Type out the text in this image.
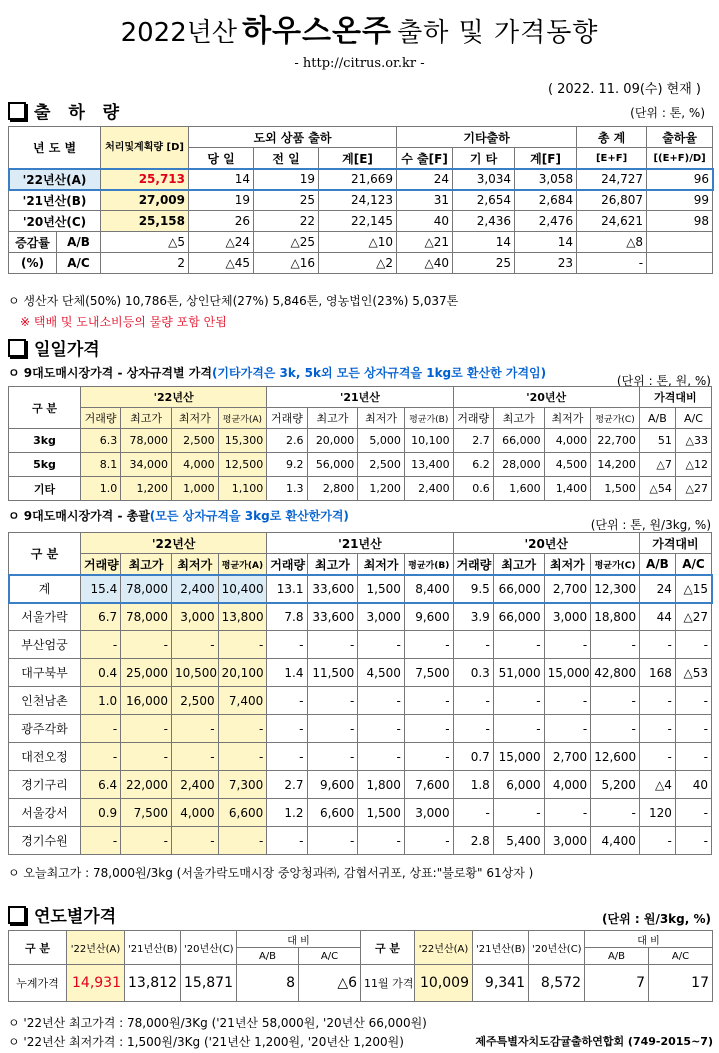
2022년산 하우스온주 출하 및 가격동향
- http://citrus.or.kr -
( 2022. 11. 09(수) 현재 )
출 하 량	(단위 : 톤, %)
년 도 별		처리및계획량 [D]	도외 상품 출하			기타출하			총 계	출하율
			당 일	전 일	계[E]	수 출[F]	기 타	계[F]	[E+F]	[(E+F)/D]
'22년산(A)		25,713	14	19	21,669	24	3,034	3,058	24,727	96
'21년산(B)		27,009	19	25	24,123	31	2,654	2,684	26,807	99
'20년산(C)		25,158	26	22	22,145	40	2,436	2,476	24,621	98
증감률	A/B	△5	△24	△25	△10	△21	14	14	△8	
(%)	A/C	2	△45	△16	△2	△40	25	23	-	
ㅇ 생산자 단체(50%) 10,786톤, 상인단체(27%) 5,846톤, 영농법인(23%) 5,037톤
※ 택배 및 도내소비등의 물량 포함 안됨
일일가격
ㅇ 9대도매시장가격 - 상자규격별 가격(기타가격은 3k, 5k외 모든 상자규격을 1kg로 환산한 가격임)
(단위 : 톤, 원, %)
구 분	'22년산				'21년산				'20년산				가격대비	
	거래량	최고가	최저가	평균가(A)	거래량	최고가	최저가	평균가(B)	거래량	최고가	최저가	평균가(C)	A/B	A/C
3kg	6.3	78,000	2,500	15,300	2.6	20,000	5,000	10,100	2.7	66,000	4,000	22,700	51	△33
5kg	8.1	34,000	4,000	12,500	9.2	56,000	2,500	13,400	6.2	28,000	4,500	14,200	△7	△12
기타	1.0	1,200	1,000	1,100	1.3	2,800	1,200	2,400	0.6	1,600	1,400	1,500	△54	△27
ㅇ 9대도매시장가격 - 총괄(모든 상자규격을 3kg로 환산한가격)
(단위 : 톤, 원/3kg, %)
구 분	'22년산				'21년산				'20년산				가격대비	
	거래량	최고가	최저가	평균가(A)	거래량	최고가	최저가	평균가(B)	거래량	최고가	최저가	평균가(C)	A/B	A/C
계	15.4	78,000	2,400	10,400	13.1	33,600	1,500	8,400	9.5	66,000	2,700	12,300	24	△15
서울가락	6.7	78,000	3,000	13,800	7.8	33,600	3,000	9,600	3.9	66,000	3,000	18,800	44	△27
부산엄궁	-	-	-	-	-	-	-	-	-	-	-	-	-	-
대구북부	0.4	25,000	10,500	20,100	1.4	11,500	4,500	7,500	0.3	51,000	15,000	42,800	168	△53
인천남촌	1.0	16,000	2,500	7,400	-	-	-	-	-	-	-	-	-	-
광주각화	-	-	-	-	-	-	-	-	-	-	-	-	-	-
대전오정	-	-	-	-	-	-	-	-	0.7	15,000	2,700	12,600	-	-
경기구리	6.4	22,000	2,400	7,300	2.7	9,600	1,800	7,600	1.8	6,000	4,000	5,200	△4	40
서울강서	0.9	7,500	4,000	6,600	1.2	6,600	1,500	3,000	-	-	-	-	120	-
경기수원	-	-	-	-	-	-	-	-	2.8	5,400	3,000	4,400	-	-
ㅇ 오늘최고가 : 78,000원/3kg (서울가락도매시장 중앙청과㈜, 감협서귀포, 상표:"불로황" 61상자 )
연도별가격	(단위 : 원/3kg, %)
구 분	'22년산(A)	'21년산(B)	'20년산(C)	대 비		구 분	'22년산(A)	'21년산(B)	'20년산(C)	대 비	
				A/B	A/C					A/B	A/C
누계가격	14,931	13,812	15,871	8	△6	11월 가격	10,009	9,341	8,572	7	17
ㅇ '22년산 최고가격 : 78,000원/3Kg ('21년산 58,000원, '20년산 66,000원)
ㅇ '22년산 최저가격 : 1,500원/3Kg ('21년산 1,200원, '20년산 1,200원)	제주특별자치도감귤출하연합회 (749-2015~7)
